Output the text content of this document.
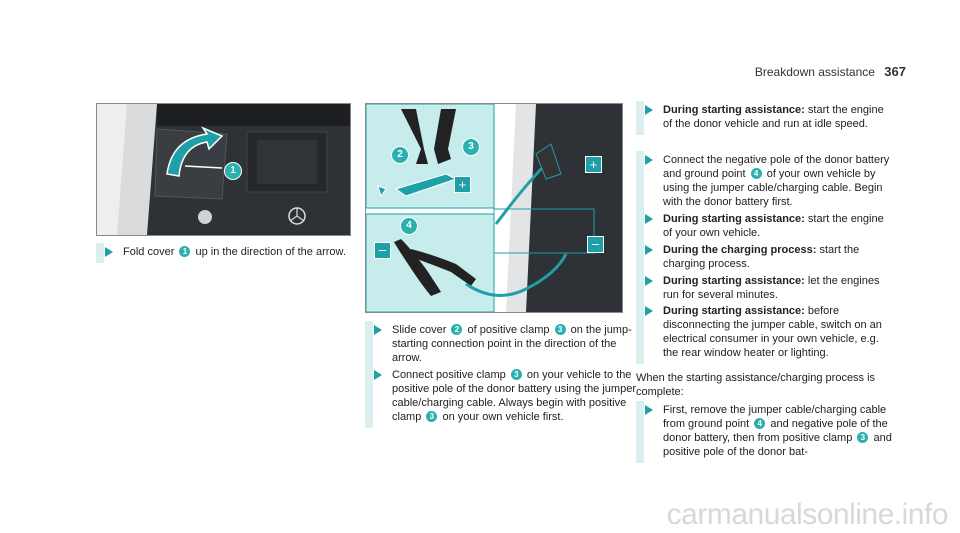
Breakdown assistance 367
1
Fold cover 1 up in the direction of the arrow.
2
3
4
+
+
–	–
Slide cover 2 of positive clamp 3 on the jump-starting connection point in the direction of the arrow.
Connect positive clamp 3 on your vehicle to the positive pole of the donor battery using the jumper cable/charging cable. Always begin with positive clamp 3 on your own vehicle first.
During starting assistance: start the engine of the donor vehicle and run at idle speed.
Connect the negative pole of the donor battery and ground point 4 of your own vehicle by using the jumper cable/charging cable. Begin with the donor battery first.
During starting assistance: start the engine of your own vehicle.
During the charging process: start the charging process.
During starting assistance: let the engines run for several minutes.
During starting assistance: before disconnecting the jumper cable, switch on an electrical consumer in your own vehicle, e.g. the rear window heater or lighting.
When the starting assistance/charging process is complete:
First, remove the jumper cable/charging cable from ground point 4 and negative pole of the donor battery, then from positive clamp 3 and positive pole of the donor bat-
carmanualsonline.info
